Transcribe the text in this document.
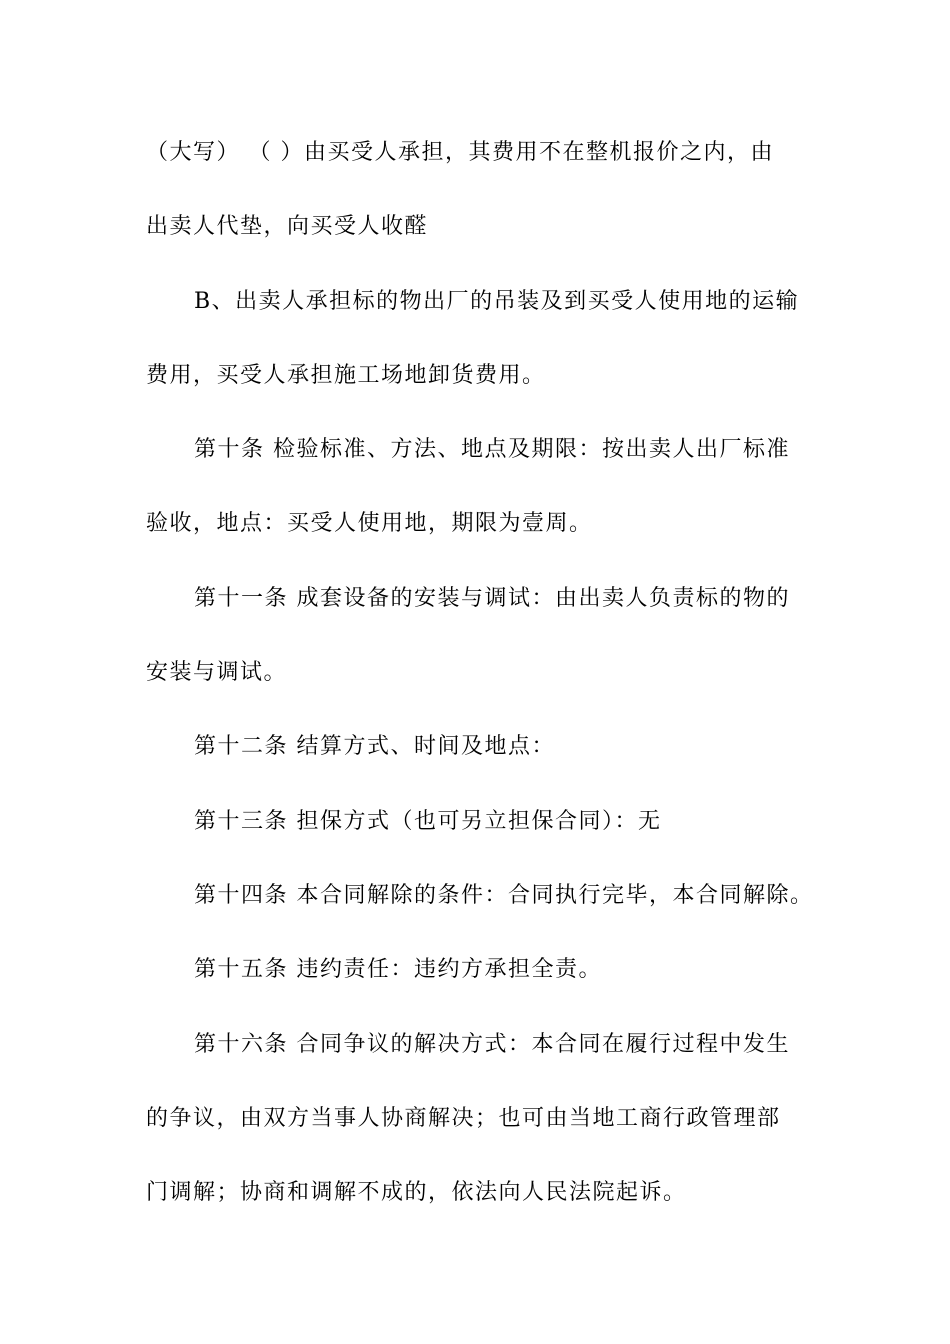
（大写） （ ）由买受人承担，其费用不在整机报价之内，由
出卖人代垫，向买受人收醛
B、出卖人承担标的物出厂的吊装及到买受人使用地的运输
费用，买受人承担施工场地卸货费用。
第十条 检验标准、方法、地点及期限：按出卖人出厂标准
验收，地点：买受人使用地，期限为壹周。
第十一条 成套设备的安装与调试：由出卖人负责标的物的
安装与调试。
第十二条 结算方式、时间及地点：
第十三条 担保方式（也可另立担保合同）：无
第十四条 本合同解除的条件：合同执行完毕，本合同解除。
第十五条 违约责任：违约方承担全责。
第十六条 合同争议的解决方式：本合同在履行过程中发生
的争议，由双方当事人协商解决；也可由当地工商行政管理部
门调解；协商和调解不成的，依法向人民法院起诉。
